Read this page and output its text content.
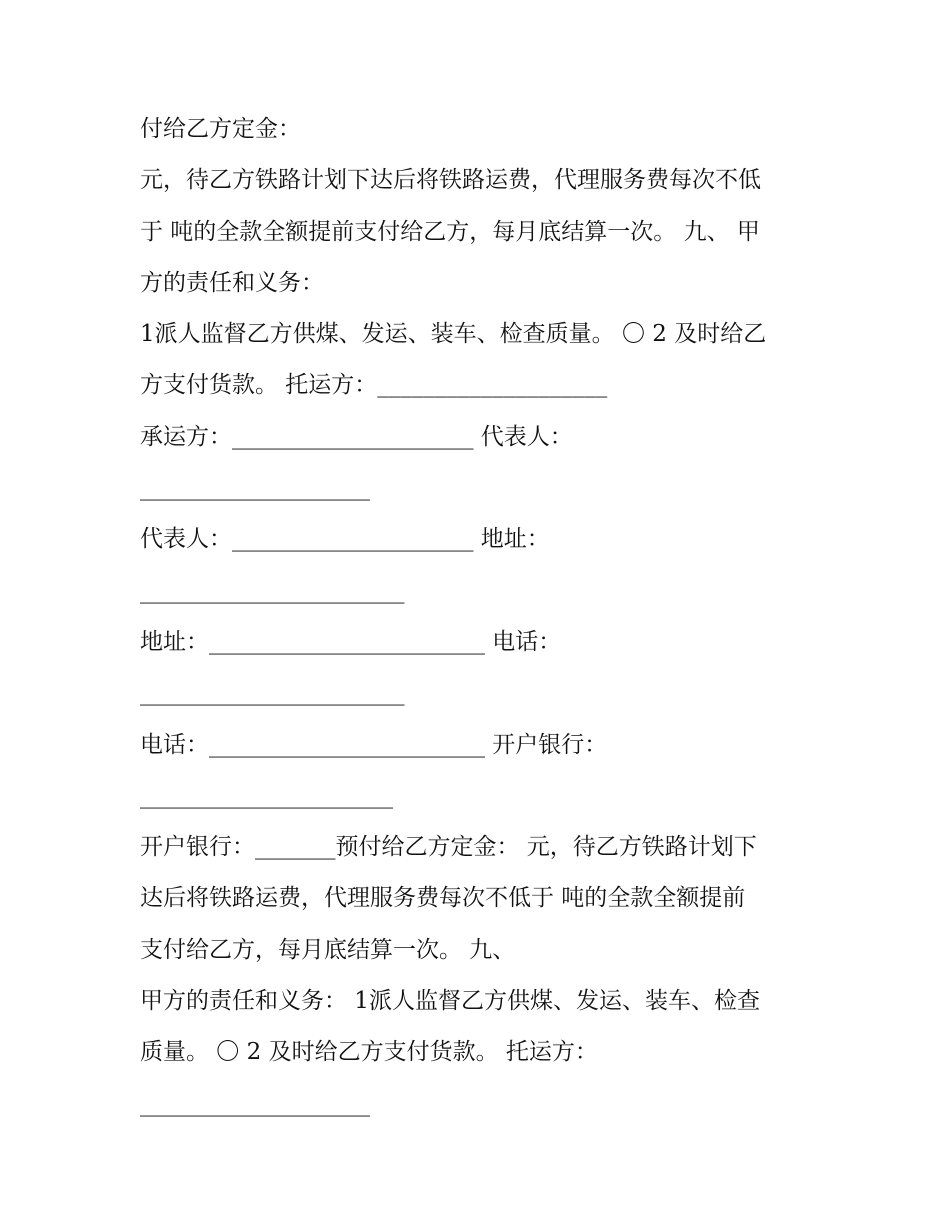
付给乙方定金：
元，待乙方铁路计划下达后将铁路运费，代理服务费每次不低
于 吨的全款全额提前支付给乙方，每月底结算一次。 九、 甲
方的责任和义务：
1派人监督乙方供煤、发运、装车、检查质量。 〇 2 及时给乙
方支付货款。 托运方：____________________
承运方：_____________________ 代表人：
____________________
代表人：_____________________ 地址：
_______________________
地址：________________________ 电话：
_______________________
电话：________________________ 开户银行：
______________________
开户银行：_______预付给乙方定金： 元，待乙方铁路计划下
达后将铁路运费，代理服务费每次不低于 吨的全款全额提前
支付给乙方，每月底结算一次。 九、
甲方的责任和义务： 1派人监督乙方供煤、发运、装车、检查
质量。 〇 2 及时给乙方支付货款。 托运方：
____________________
